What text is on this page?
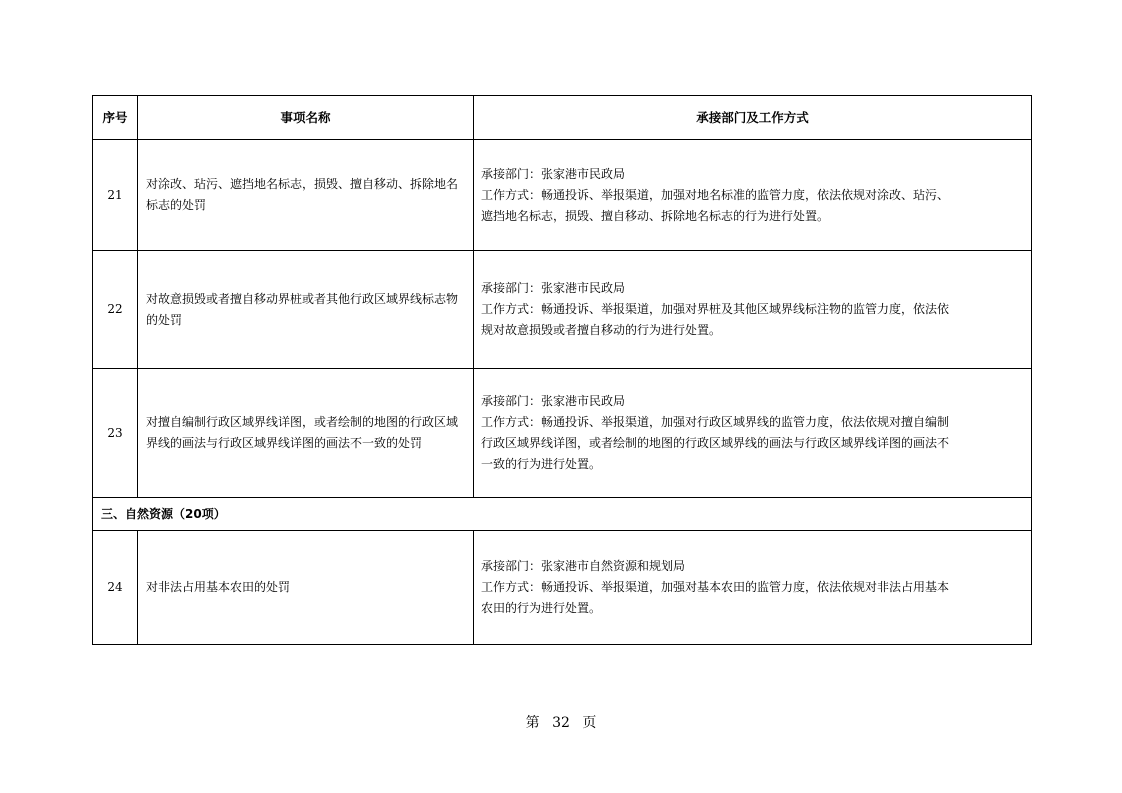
序号	事项名称	承接部门及工作方式
21	对涂改、玷污、遮挡地名标志，损毁、擅自移动、拆除地名标志的处罚	承接部门：张家港市民政局
工作方式：畅通投诉、举报渠道，加强对地名标准的监管力度，依法依规对涂改、玷污、
遮挡地名标志，损毁、擅自移动、拆除地名标志的行为进行处置。

22	对故意损毁或者擅自移动界桩或者其他行政区域界线标志物的处罚	承接部门：张家港市民政局
工作方式：畅通投诉、举报渠道，加强对界桩及其他区域界线标注物的监管力度，依法依
规对故意损毁或者擅自移动的行为进行处置。

23	对擅自编制行政区域界线详图，或者绘制的地图的行政区域界线的画法与行政区域界线详图的画法不一致的处罚	承接部门：张家港市民政局
工作方式：畅通投诉、举报渠道，加强对行政区域界线的监管力度，依法依规对擅自编制
行政区域界线详图，或者绘制的地图的行政区域界线的画法与行政区域界线详图的画法不
一致的行为进行处置。

三、自然资源（20项）		
24	对非法占用基本农田的处罚	承接部门：张家港市自然资源和规划局
工作方式：畅通投诉、举报渠道，加强对基本农田的监管力度，依法依规对非法占用基本
农田的行为进行处置。
第 32 页
